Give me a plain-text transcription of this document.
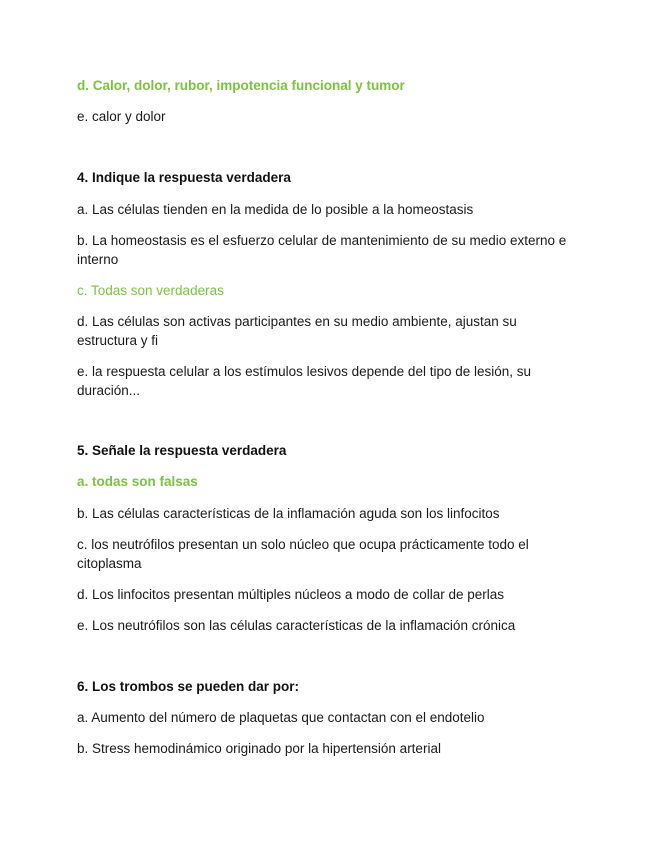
d. Calor, dolor, rubor, impotencia funcional y tumor

e. calor y dolor

4. Indique la respuesta verdadera

a. Las células tienden en la medida de lo posible a la homeostasis

b. La homeostasis es el esfuerzo celular de mantenimiento de su medio externo e interno

c. Todas son verdaderas

d. Las células son activas participantes en su medio ambiente, ajustan su estructura y fi

e. la respuesta celular a los estímulos lesivos depende del tipo de lesión, su duración...

5. Señale la respuesta verdadera

a. todas son falsas

b. Las células características de la inflamación aguda son los linfocitos

c. los neutrófilos presentan un solo núcleo que ocupa prácticamente todo el citoplasma

d. Los linfocitos presentan múltiples núcleos a modo de collar de perlas

e. Los neutrófilos son las células características de la inflamación crónica

6. Los trombos se pueden dar por:

a. Aumento del número de plaquetas que contactan con el endotelio

b. Stress hemodinámico originado por la hipertensión arterial
